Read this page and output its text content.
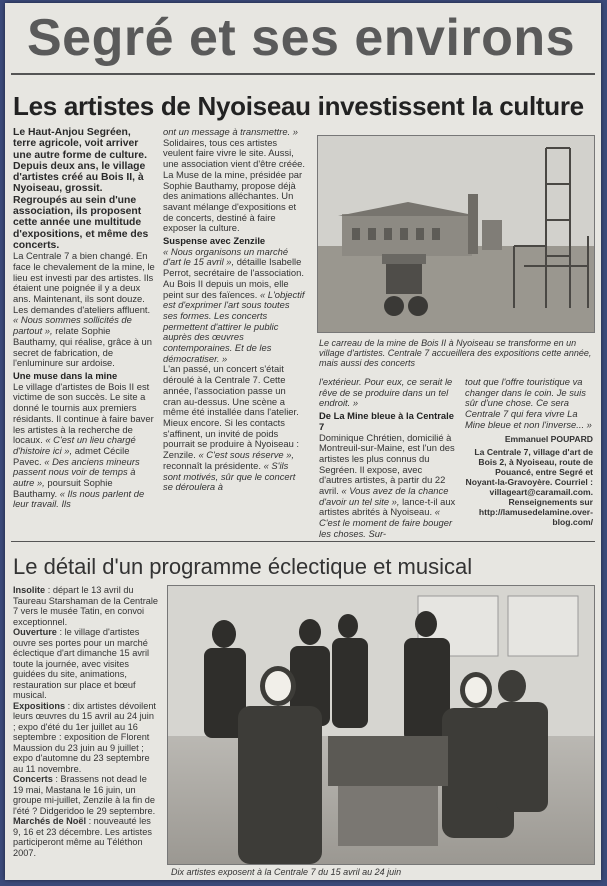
Segré et ses environs
Les artistes de Nyoiseau investissent la culture
Le Haut-Anjou Segréen, terre agricole, voit arriver une autre forme de culture. Depuis deux ans, le village d'artistes créé au Bois II, à Nyoiseau, grossit. Regroupés au sein d'une association, ils proposent cette année une multitude d'expositions, et même des concerts.
La Centrale 7 a bien changé. En face le chevalement de la mine, le lieu est investi par des artistes. Ils étaient une poignée il y a deux ans. Maintenant, ils sont douze. Les demandes d'ateliers affluent. « Nous sommes sollicités de partout », relate Sophie Bauthamy, qui réalise, grâce à un secret de fabrication, de l'enluminure sur ardoise.
Une muse dans la mine
Le village d'artistes de Bois II est victime de son succès. Le site a donné le tournis aux premiers résidants. Il continue à faire baver les artistes à la recherche de locaux. « C'est un lieu chargé d'histoire ici », admet Cécile Pavec. « Des anciens mineurs passent nous voir de temps à autre », poursuit Sophie Bauthamy. « Ils nous parlent de leur travail. Ils
ont un message à transmettre. »
Solidaires, tous ces artistes veulent faire vivre le site. Aussi, une association vient d'être créée. La Muse de la mine, présidée par Sophie Bauthamy, propose déjà des animations alléchantes. Un savant mélange d'expositions et de concerts, destiné à faire exposer la culture.
Suspense avec Zenzile
« Nous organisons un marché d'art le 15 avril », détaille Isabelle Perrot, secrétaire de l'association. Au Bois II depuis un mois, elle peint sur des faïences. « L'objectif est d'exprimer l'art sous toutes ses formes. Les concerts permettent d'attirer le public auprès des œuvres contemporaines. Et de les démocratiser. »
L'an passé, un concert s'était déroulé à la Centrale 7. Cette année, l'association passe un cran au-dessus. Une scène a même été installée dans l'atelier. Mieux encore. Si les contacts s'affinent, un invité de poids pourrait se produire à Nyoiseau : Zenzile. « C'est sous réserve », reconnaît la présidente. « S'ils sont motivés, sûr que le concert se déroulera à
Le carreau de la mine de Bois II à Nyoiseau se transforme en un village d'artistes. Centrale 7 accueillera des expositions cette année, mais aussi des concerts
l'extérieur. Pour eux, ce serait le rêve de se produire dans un tel endroit. »
De La Mine bleue à la Centrale 7
Dominique Chrétien, domicilié à Montreuil-sur-Maine, est l'un des artistes les plus connus du Segréen. Il expose, avec d'autres artistes, à partir du 22 avril. « Vous avez de la chance d'avoir un tel site », lance-t-il aux artistes abrités à Nyoiseau. « C'est le moment de faire bouger les choses. Sur-
tout que l'offre touristique va changer dans le coin. Je suis sûr d'une chose. Ce sera Centrale 7 qui fera vivre La Mine bleue et non l'inverse... »
Emmanuel POUPARD
La Centrale 7, village d'art de Bois 2, à Nyoiseau, route de Pouancé, entre Segré et Noyant-la-Gravoyère. Courriel : villageart@caramail.com. Renseignements sur http://lamusedelamine.over-blog.com/
Le détail d'un programme éclectique et musical
Insolite : départ le 13 avril du Taureau Starshaman de la Centrale 7 vers le musée Tatin, en convoi exceptionnel.
Ouverture : le village d'artistes ouvre ses portes pour un marché éclectique d'art dimanche 15 avril toute la journée, avec visites guidées du site, animations, restauration sur place et bœuf musical.
Expositions : dix artistes dévoilent leurs œuvres du 15 avril au 24 juin ; expo d'été du 1er juillet au 16 septembre : exposition de Florent Maussion du 23 juin au 9 juillet ; expo d'automne du 23 septembre au 11 novembre.
Concerts : Brassens not dead le 19 mai, Mastana le 16 juin, un groupe mi-juillet, Zenzile à la fin de l'été ? Didgeridoo le 29 septembre.
Marchés de Noël : nouveauté les 9, 16 et 23 décembre. Les artistes participeront même au Téléthon 2007.
Dix artistes exposent à la Centrale 7 du 15 avril au 24 juin
